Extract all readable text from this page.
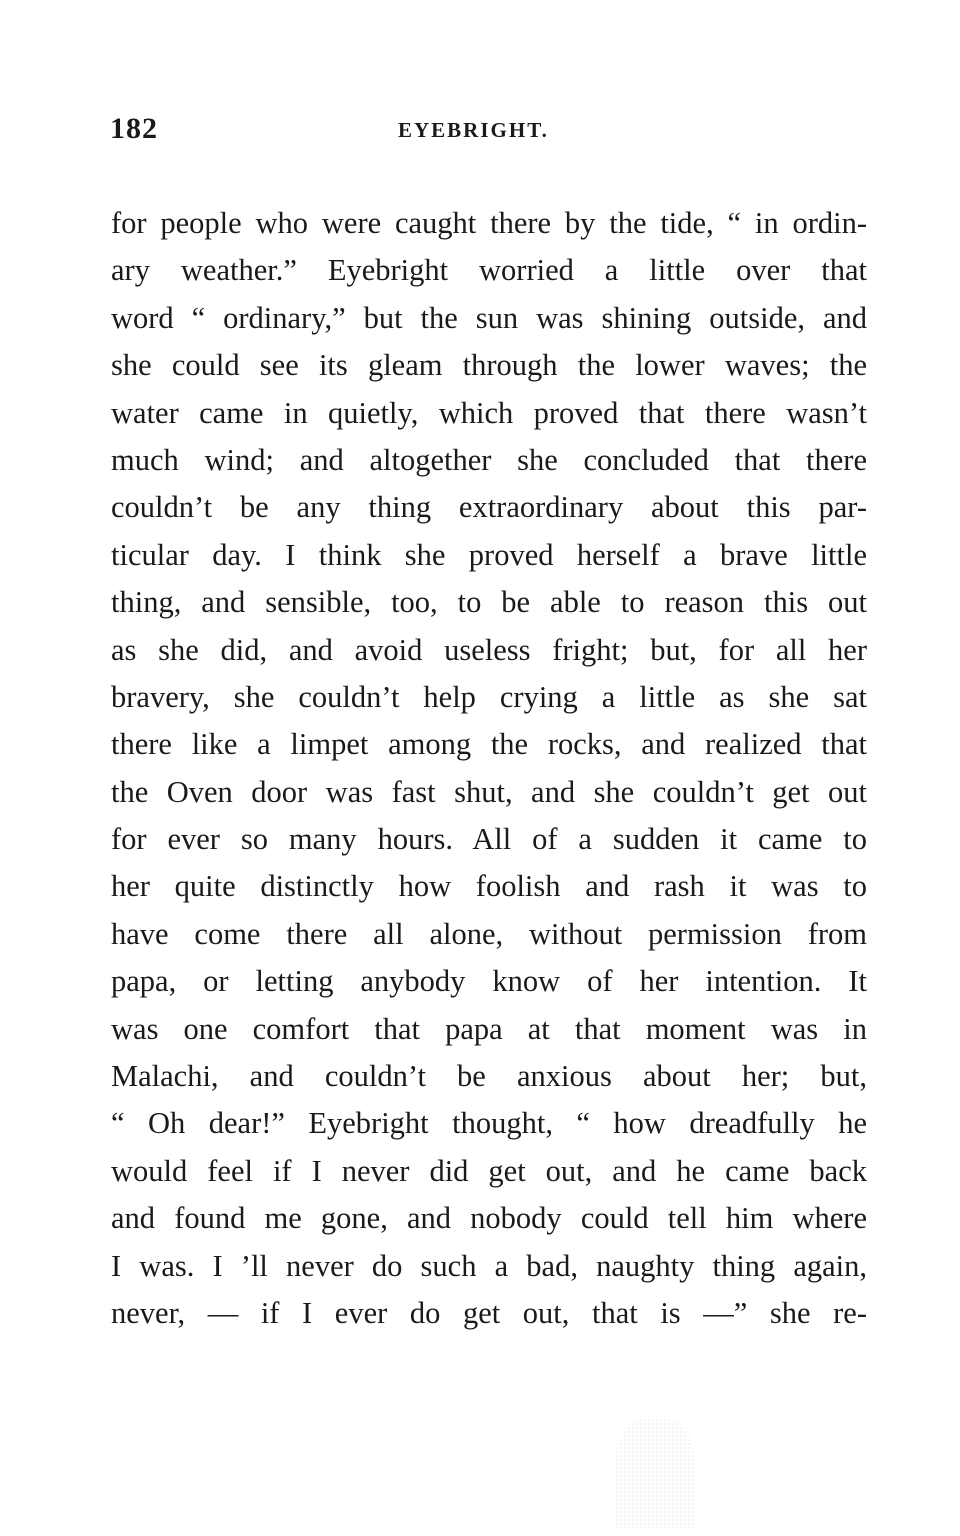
182	EYEBRIGHT.
for people who were caught there by the tide, “ in ordin-
ary weather.” Eyebright worried a little over that
word “ ordinary,” but the sun was shining outside, and
she could see its gleam through the lower waves; the
water came in quietly, which proved that there wasn’t
much wind; and altogether she concluded that there
couldn’t be any thing extraordinary about this par-
ticular day. I think she proved herself a brave little
thing, and sensible, too, to be able to reason this out
as she did, and avoid useless fright; but, for all her
bravery, she couldn’t help crying a little as she sat
there like a limpet among the rocks, and realized that
the Oven door was fast shut, and she couldn’t get out
for ever so many hours. All of a sudden it came to
her quite distinctly how foolish and rash it was to
have come there all alone, without permission from
papa, or letting anybody know of her intention. It
was one comfort that papa at that moment was in
Malachi, and couldn’t be anxious about her; but,
“ Oh dear!” Eyebright thought, “ how dreadfully he
would feel if I never did get out, and he came back
and found me gone, and nobody could tell him where
I was. I ’ll never do such a bad, naughty thing again,
never, — if I ever do get out, that is —” she re-
